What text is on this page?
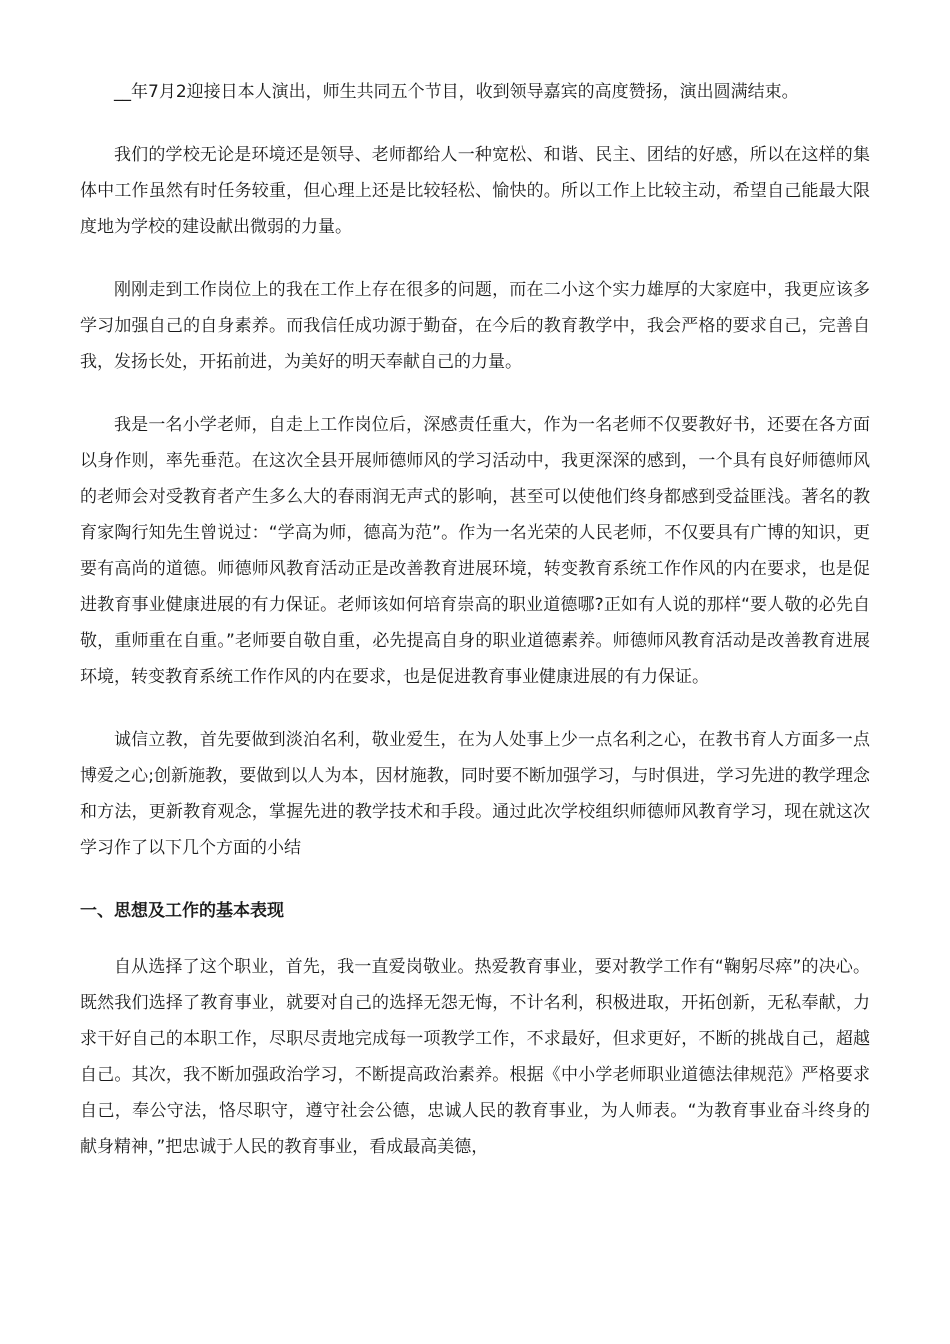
__年7月2迎接日本人演出，师生共同五个节目，收到领导嘉宾的高度赞扬，演出圆满结束。

我们的学校无论是环境还是领导、老师都给人一种宽松、和谐、民主、团结的好感，所以在这样的集体中工作虽然有时任务较重，但心理上还是比较轻松、愉快的。所以工作上比较主动，希望自己能最大限度地为学校的建设献出微弱的力量。

刚刚走到工作岗位上的我在工作上存在很多的问题，而在二小这个实力雄厚的大家庭中，我更应该多学习加强自己的自身素养。而我信任成功源于勤奋，在今后的教育教学中，我会严格的要求自己，完善自我，发扬长处，开拓前进，为美好的明天奉献自己的力量。

我是一名小学老师，自走上工作岗位后，深感责任重大，作为一名老师不仅要教好书，还要在各方面以身作则，率先垂范。在这次全县开展师德师风的学习活动中，我更深深的感到，一个具有良好师德师风的老师会对受教育者产生多么大的春雨润无声式的影响，甚至可以使他们终身都感到受益匪浅。著名的教育家陶行知先生曾说过：“学高为师，德高为范”。作为一名光荣的人民老师，不仅要具有广博的知识，更要有高尚的道德。师德师风教育活动正是改善教育进展环境，转变教育系统工作作风的内在要求，也是促进教育事业健康进展的有力保证。老师该如何培育崇高的职业道德哪?正如有人说的那样“要人敬的必先自敬，重师重在自重。”老师要自敬自重，必先提高自身的职业道德素养。师德师风教育活动是改善教育进展环境，转变教育系统工作作风的内在要求，也是促进教育事业健康进展的有力保证。

诚信立教，首先要做到淡泊名利，敬业爱生，在为人处事上少一点名利之心，在教书育人方面多一点博爱之心;创新施教，要做到以人为本，因材施教，同时要不断加强学习，与时俱进，学习先进的教学理念和方法，更新教育观念，掌握先进的教学技术和手段。通过此次学校组织师德师风教育学习，现在就这次学习作了以下几个方面的小结

一、思想及工作的基本表现

自从选择了这个职业，首先，我一直爱岗敬业。热爱教育事业，要对教学工作有“鞠躬尽瘁”的决心。既然我们选择了教育事业，就要对自己的选择无怨无悔，不计名利，积极进取，开拓创新，无私奉献，力求干好自己的本职工作，尽职尽责地完成每一项教学工作，不求最好，但求更好，不断的挑战自己，超越自己。其次，我不断加强政治学习，不断提高政治素养。根据《中小学老师职业道德法律规范》严格要求自己，奉公守法，恪尽职守，遵守社会公德，忠诚人民的教育事业，为人师表。“为教育事业奋斗终身的献身精神，”把忠诚于人民的教育事业，看成最高美德，
